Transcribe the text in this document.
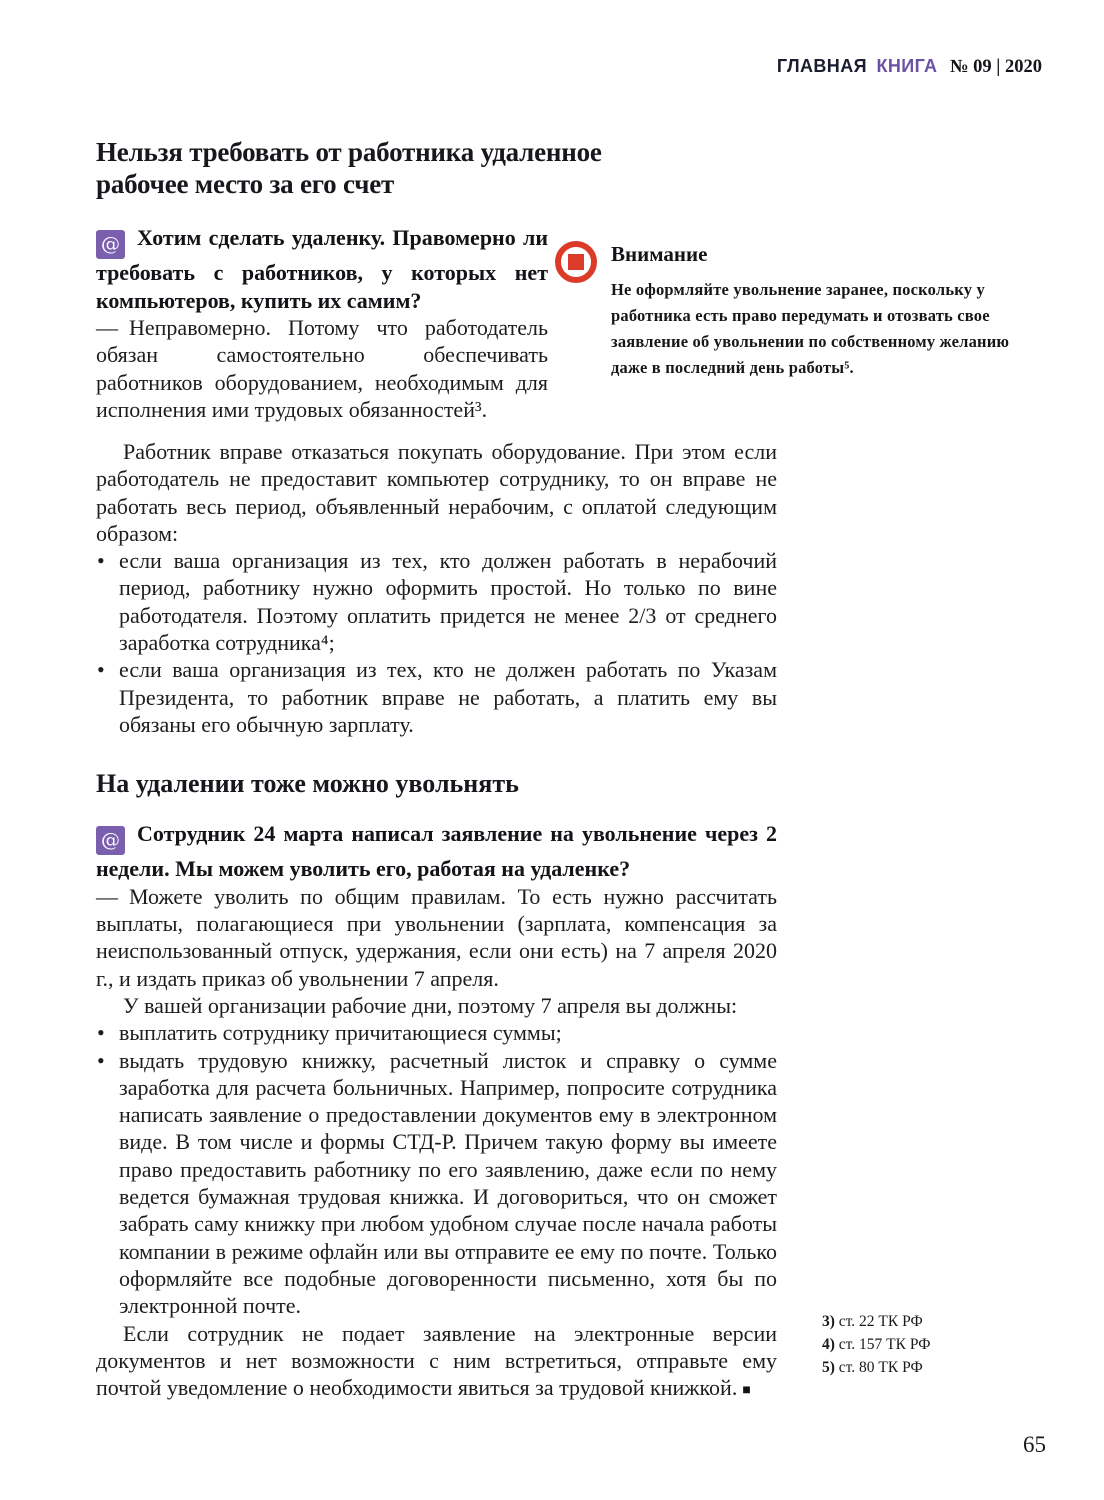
ГЛАВНАЯ КНИГА № 09 | 2020
Нельзя требовать от работника удаленное рабочее место за его счет

@ Хотим сделать удаленку. Правомерно ли требовать с работников, у которых нет компьютеров, купить их самим?

— Неправомерно. Потому что работодатель обязан самостоятельно обеспечивать работников оборудованием, необходимым для исполнения ими трудовых обязанностей³.

Работник вправе отказаться покупать оборудование. При этом если работодатель не предоставит компьютер сотруднику, то он вправе не работать весь период, объявленный нерабочим, с оплатой следующим образом:

• если ваша организация из тех, кто должен работать в нерабочий период, работнику нужно оформить простой. Но только по вине работодателя. Поэтому оплатить придется не менее 2/3 от среднего заработка сотрудника⁴;
• если ваша организация из тех, кто не должен работать по Указам Президента, то работник вправе не работать, а платить ему вы обязаны его обычную зарплату.
На удалении тоже можно увольнять

@ Сотрудник 24 марта написал заявление на увольнение через 2 недели. Мы можем уволить его, работая на удаленке?

— Можете уволить по общим правилам. То есть нужно рассчитать выплаты, полагающиеся при увольнении (зарплата, компенсация за неиспользованный отпуск, удержания, если они есть) на 7 апреля 2020 г., и издать приказ об увольнении 7 апреля.

У вашей организации рабочие дни, поэтому 7 апреля вы должны:

• выплатить сотруднику причитающиеся суммы;
• выдать трудовую книжку, расчетный листок и справку о сумме заработка для расчета больничных. Например, попросите сотрудника написать заявление о предоставлении документов ему в электронном виде. В том числе и формы СТД-Р. Причем такую форму вы имеете право предоставить работнику по его заявлению, даже если по нему ведется бумажная трудовая книжка. И договориться, что он сможет забрать саму книжку при любом удобном случае после начала работы компании в режиме офлайн или вы отправите ее ему по почте. Только оформляйте все подобные договоренности письменно, хотя бы по электронной почте.

Если сотрудник не подает заявление на электронные версии документов и нет возможности с ним встретиться, отправьте ему почтой уведомление о необходимости явиться за трудовой книжкой. ■

Внимание
Не оформляйте увольнение заранее, поскольку у работника есть право передумать и отозвать свое заявление об увольнении по собственному желанию даже в последний день работы⁵.
3) ст. 22 ТК РФ
4) ст. 157 ТК РФ
5) ст. 80 ТК РФ
65
